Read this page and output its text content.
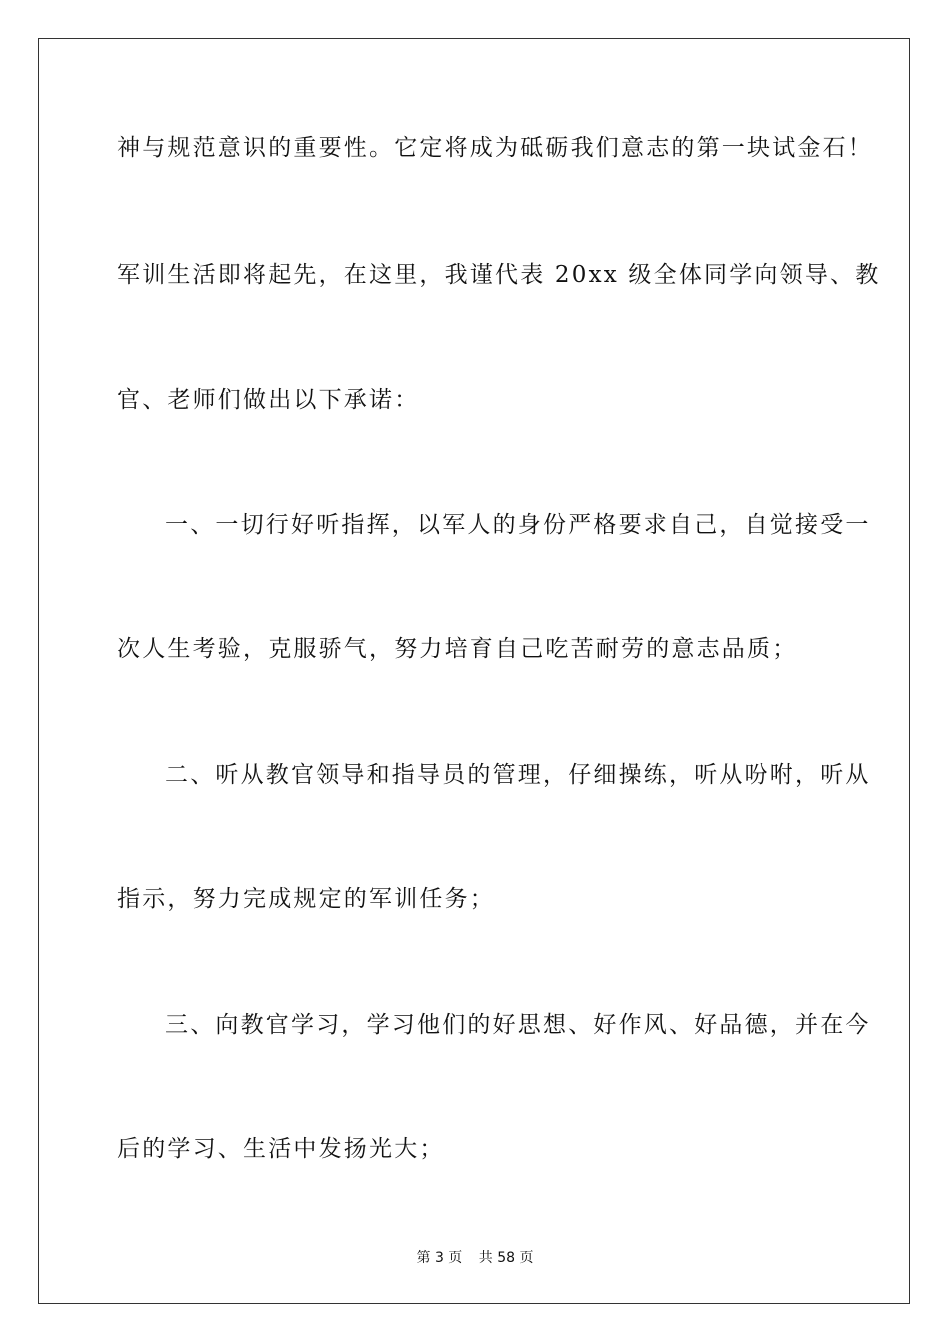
神与规范意识的重要性。它定将成为砥砺我们意志的第一块试金石！
军训生活即将起先，在这里，我谨代表 20xx 级全体同学向领导、教
官、老师们做出以下承诺：
一、一切行好听指挥，以军人的身份严格要求自己，自觉接受一
次人生考验，克服骄气，努力培育自己吃苦耐劳的意志品质；
二、听从教官领导和指导员的管理，仔细操练，听从吩咐，听从
指示，努力完成规定的军训任务；
三、向教官学习，学习他们的好思想、好作风、好品德，并在今
后的学习、生活中发扬光大；
第 3 页 共 58 页
